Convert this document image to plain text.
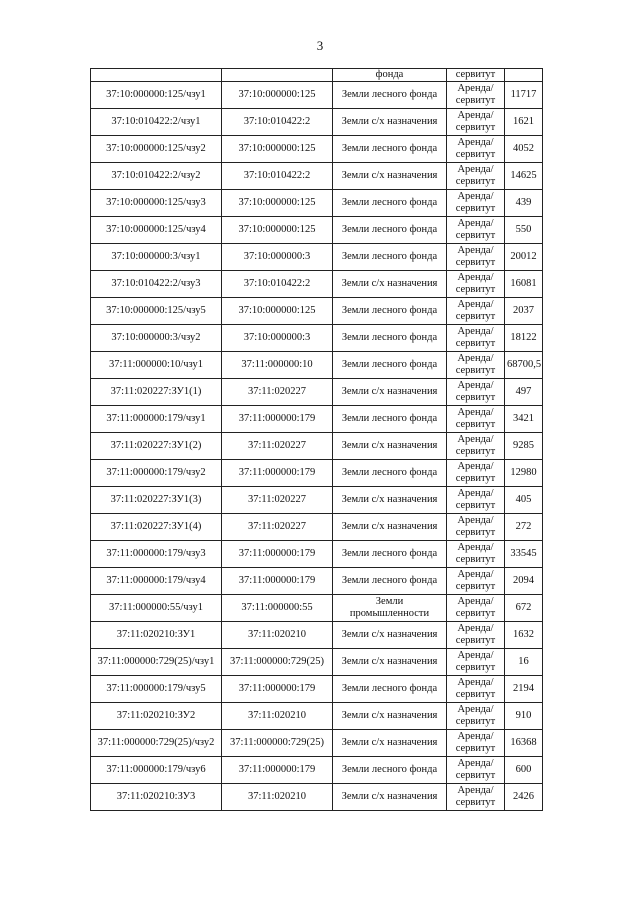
3
		фонда	сервитут	
37:10:000000:125/чзу1	37:10:000000:125	Земли лесного фонда	Аренда/ сервитут	11717
37:10:010422:2/чзу1	37:10:010422:2	Земли с/х назначения	Аренда/ сервитут	1621
37:10:000000:125/чзу2	37:10:000000:125	Земли лесного фонда	Аренда/ сервитут	4052
37:10:010422:2/чзу2	37:10:010422:2	Земли с/х назначения	Аренда/ сервитут	14625
37:10:000000:125/чзу3	37:10:000000:125	Земли лесного фонда	Аренда/ сервитут	439
37:10:000000:125/чзу4	37:10:000000:125	Земли лесного фонда	Аренда/ сервитут	550
37:10:000000:3/чзу1	37:10:000000:3	Земли лесного фонда	Аренда/ сервитут	20012
37:10:010422:2/чзу3	37:10:010422:2	Земли с/х назначения	Аренда/ сервитут	16081
37:10:000000:125/чзу5	37:10:000000:125	Земли лесного фонда	Аренда/ сервитут	2037
37:10:000000:3/чзу2	37:10:000000:3	Земли лесного фонда	Аренда/ сервитут	18122
37:11:000000:10/чзу1	37:11:000000:10	Земли лесного фонда	Аренда/ сервитут	68700,5
37:11:020227:ЗУ1(1)	37:11:020227	Земли с/х назначения	Аренда/ сервитут	497
37:11:000000:179/чзу1	37:11:000000:179	Земли лесного фонда	Аренда/ сервитут	3421
37:11:020227:ЗУ1(2)	37:11:020227	Земли с/х назначения	Аренда/ сервитут	9285
37:11:000000:179/чзу2	37:11:000000:179	Земли лесного фонда	Аренда/ сервитут	12980
37:11:020227:ЗУ1(3)	37:11:020227	Земли с/х назначения	Аренда/ сервитут	405
37:11:020227:ЗУ1(4)	37:11:020227	Земли с/х назначения	Аренда/ сервитут	272
37:11:000000:179/чзу3	37:11:000000:179	Земли лесного фонда	Аренда/ сервитут	33545
37:11:000000:179/чзу4	37:11:000000:179	Земли лесного фонда	Аренда/ сервитут	2094
37:11:000000:55/чзу1	37:11:000000:55	Земли промышленности	Аренда/ сервитут	672
37:11:020210:ЗУ1	37:11:020210	Земли с/х назначения	Аренда/ сервитут	1632
37:11:000000:729(25)/чзу1	37:11:000000:729(25)	Земли с/х назначения	Аренда/ сервитут	16
37:11:000000:179/чзу5	37:11:000000:179	Земли лесного фонда	Аренда/ сервитут	2194
37:11:020210:ЗУ2	37:11:020210	Земли с/х назначения	Аренда/ сервитут	910
37:11:000000:729(25)/чзу2	37:11:000000:729(25)	Земли с/х назначения	Аренда/ сервитут	16368
37:11:000000:179/чзу6	37:11:000000:179	Земли лесного фонда	Аренда/ сервитут	600
37:11:020210:ЗУ3	37:11:020210	Земли с/х назначения	Аренда/ сервитут	2426
